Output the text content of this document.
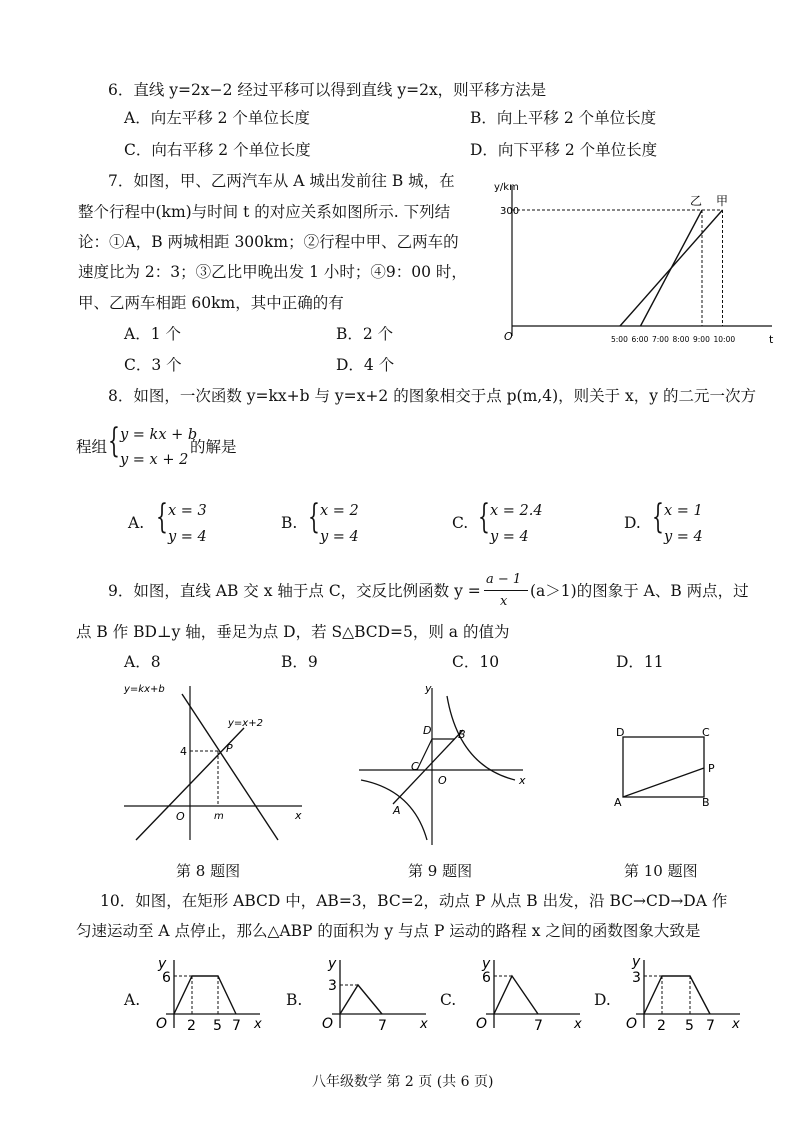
6．直线 y=2x−2 经过平移可以得到直线 y=2x，则平移方法是
A．向左平移 2 个单位长度	B．向上平移 2 个单位长度
C．向右平移 2 个单位长度	D．向下平移 2 个单位长度
7．如图，甲、乙两汽车从 A 城出发前往 B 城，在
整个行程中(km)与时间 t 的对应关系如图所示. 下列结
论：①A，B 两城相距 300km；②行程中甲、乙两车的
速度比为 2：3；③乙比甲晚出发 1 小时；④9：00 时，
甲、乙两车相距 60km，其中正确的有
A．1 个	B．2 个
C．3 个	D．4 个
y/km
O	t
300
5:00 6:00 7:00 8:00 9:00 10:00
乙 甲
8．如图，一次函数 y=kx+b 与 y=x+2 的图象相交于点 p(m,4)，则关于 x，y 的二元一次方
程组 { y = kx + b
y = x + 2
的解是
A. { x = 3
y = 4
B. { x = 2
y = 4
C. { x = 2.4
y = 4
D. { x = 1
y = 4
9．如图，直线 AB 交 x 轴于点 C，交反比例函数 y =
a − 1
x
(a＞1)的图象于 A、B 两点，过
点 B 作 BD⊥y 轴，垂足为点 D，若 S△BCD=5，则 a 的值为
A．8	B．9	C．10	D．11
y=kx+b
y=x+2
P
4
O	m	x
y
x
D B
C
O
A
D	C
P
A	B
第 8 题图	第 9 题图	第 10 题图
10．如图，在矩形 ABCD 中，AB=3，BC=2，动点 P 从点 B 出发，沿 BC→CD→DA 作
匀速运动至 A 点停止，那么△ABP 的面积为 y 与点 P 运动的路程 x 之间的函数图象大致是
A.	B.	C.	D.
y
6
O 2 5 7 x
y
3
O	7	x
y
6
O	7 x
y
3
O 2 5 7 x
八年级数学 第 2 页 (共 6 页)
